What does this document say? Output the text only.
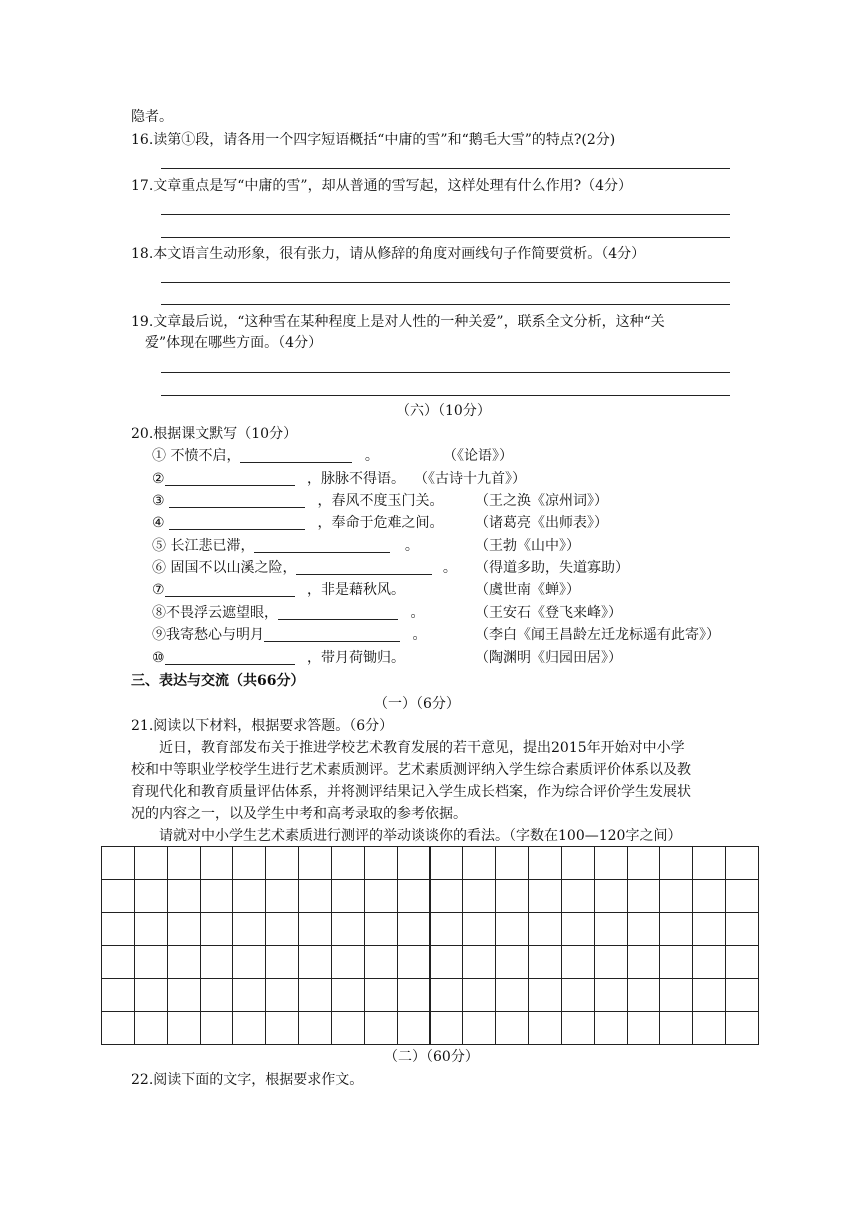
隐者。
16.读第①段，请各用一个四字短语概括“中庸的雪”和“鹅毛大雪”的特点?(2分)
17.文章重点是写“中庸的雪”，却从普通的雪写起，这样处理有什么作用?（4分）
18.本文语言生动形象，很有张力，请从修辞的角度对画线句子作简要赏析。（4分）
19.文章最后说，“这种雪在某种程度上是对人性的一种关爱”，联系全文分析，这种“关
爱”体现在哪些方面。（4分）
（六）（10分）
20.根据课文默写（10分）
① 不愤不启，	。	（《论语》）
②	，脉脉不得语。 （《古诗十九首》）
③	，春风不度玉门关。 （王之涣《凉州词》）
④	，奉命于危难之间。 （诸葛亮《出师表》）
⑤ 长江悲已滞，	。	（王勃《山中》）
⑥ 固国不以山溪之险，	。 （得道多助，失道寡助）
⑦	，非是藉秋风。	（虞世南《蝉》）
⑧不畏浮云遮望眼，	。	（王安石《登飞来峰》）
⑨我寄愁心与明月	。	（李白《闻王昌龄左迁龙标遥有此寄》）
⑩	，带月荷锄归。	（陶渊明《归园田居》）
三、表达与交流（共66分）
（一）（6分）
21.阅读以下材料，根据要求答题。（6分）
近日，教育部发布关于推进学校艺术教育发展的若干意见，提出2015年开始对中小学
校和中等职业学校学生进行艺术素质测评。艺术素质测评纳入学生综合素质评价体系以及教
育现代化和教育质量评估体系，并将测评结果记入学生成长档案，作为综合评价学生发展状
况的内容之一，以及学生中考和高考录取的参考依据。
请就对中小学生艺术素质进行测评的举动谈谈你的看法。（字数在100—120字之间）
（二）（60分）
22.阅读下面的文字，根据要求作文。
